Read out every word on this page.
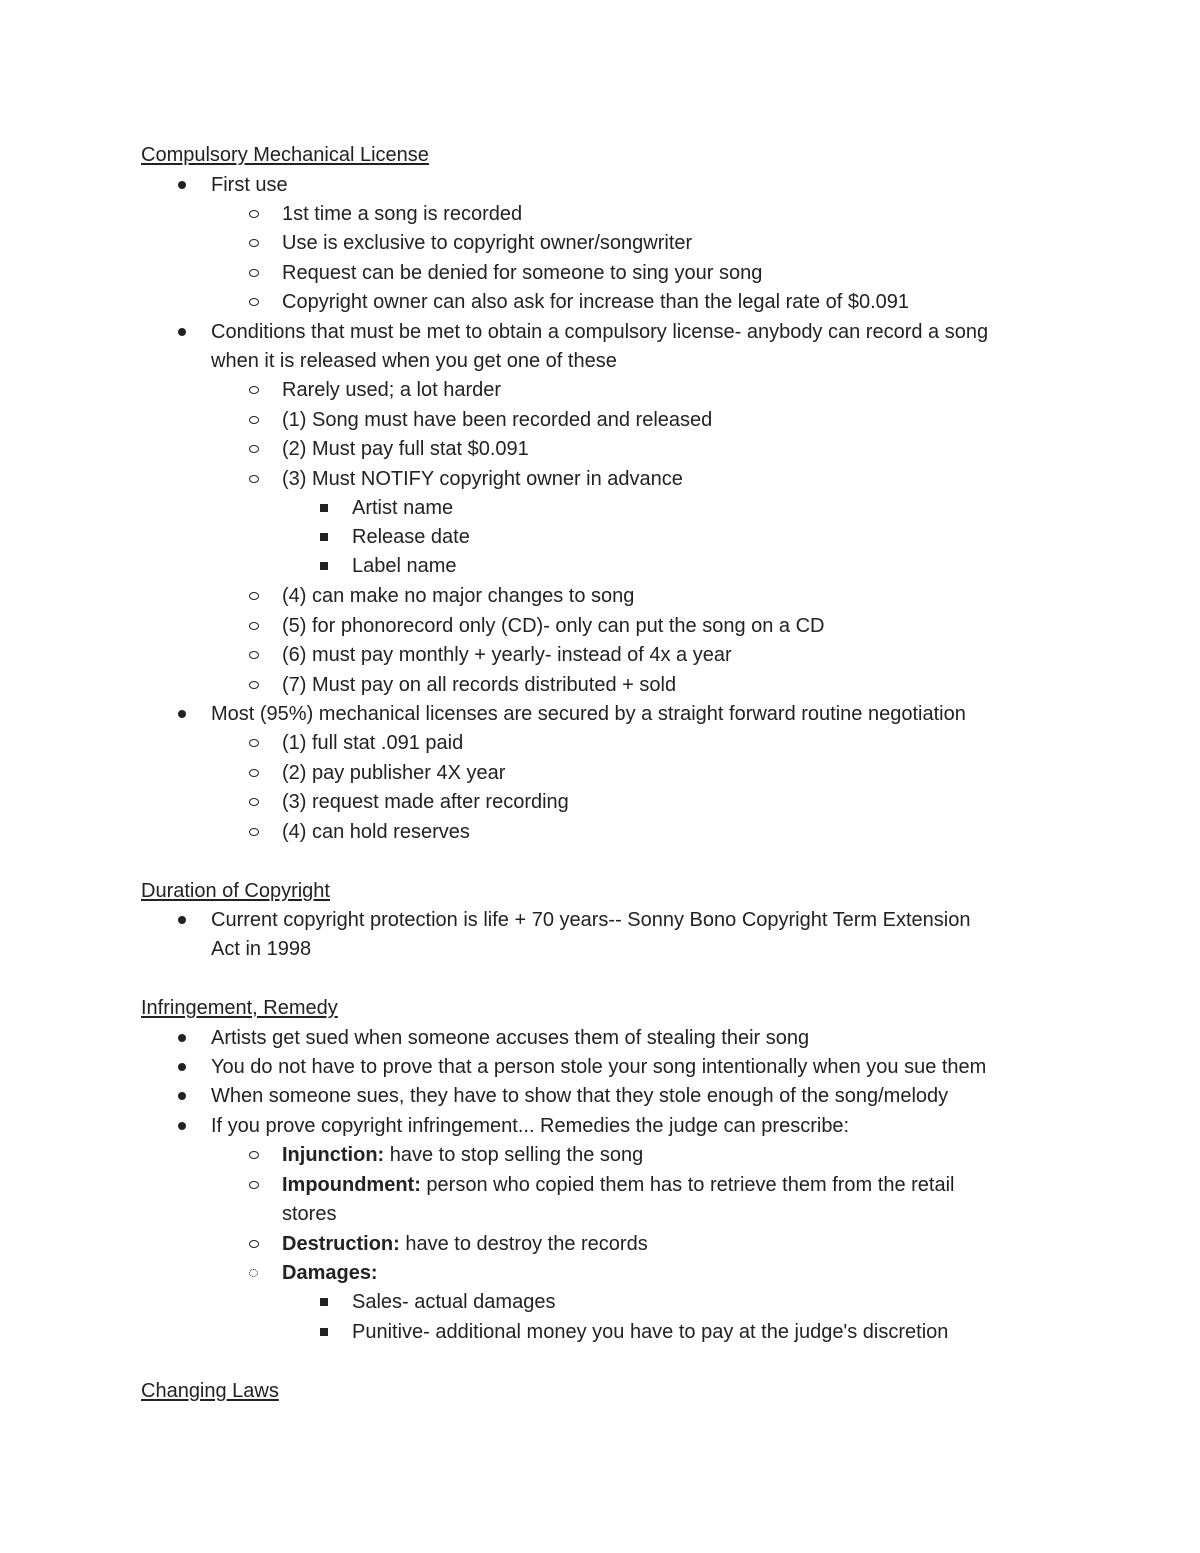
Compulsory Mechanical License
First use
1st time a song is recorded
Use is exclusive to copyright owner/songwriter
Request can be denied for someone to sing your song
Copyright owner can also ask for increase than the legal rate of $0.091
Conditions that must be met to obtain a compulsory license- anybody can record a song
when it is released when you get one of these
Rarely used; a lot harder
(1) Song must have been recorded and released
(2) Must pay full stat $0.091
(3) Must NOTIFY copyright owner in advance
Artist name
Release date
Label name
(4) can make no major changes to song
(5) for phonorecord only (CD)- only can put the song on a CD
(6) must pay monthly + yearly- instead of 4x a year
(7) Must pay on all records distributed + sold
Most (95%) mechanical licenses are secured by a straight forward routine negotiation
(1) full stat .091 paid
(2) pay publisher 4X year
(3) request made after recording
(4) can hold reserves
Duration of Copyright
Current copyright protection is life + 70 years-- Sonny Bono Copyright Term Extension
Act in 1998
Infringement, Remedy
Artists get sued when someone accuses them of stealing their song
You do not have to prove that a person stole your song intentionally when you sue them
When someone sues, they have to show that they stole enough of the song/melody
If you prove copyright infringement... Remedies the judge can prescribe:
Injunction: have to stop selling the song
Impoundment: person who copied them has to retrieve them from the retail
stores
Destruction: have to destroy the records
Damages:
Sales- actual damages
Punitive- additional money you have to pay at the judge's discretion
Changing Laws
